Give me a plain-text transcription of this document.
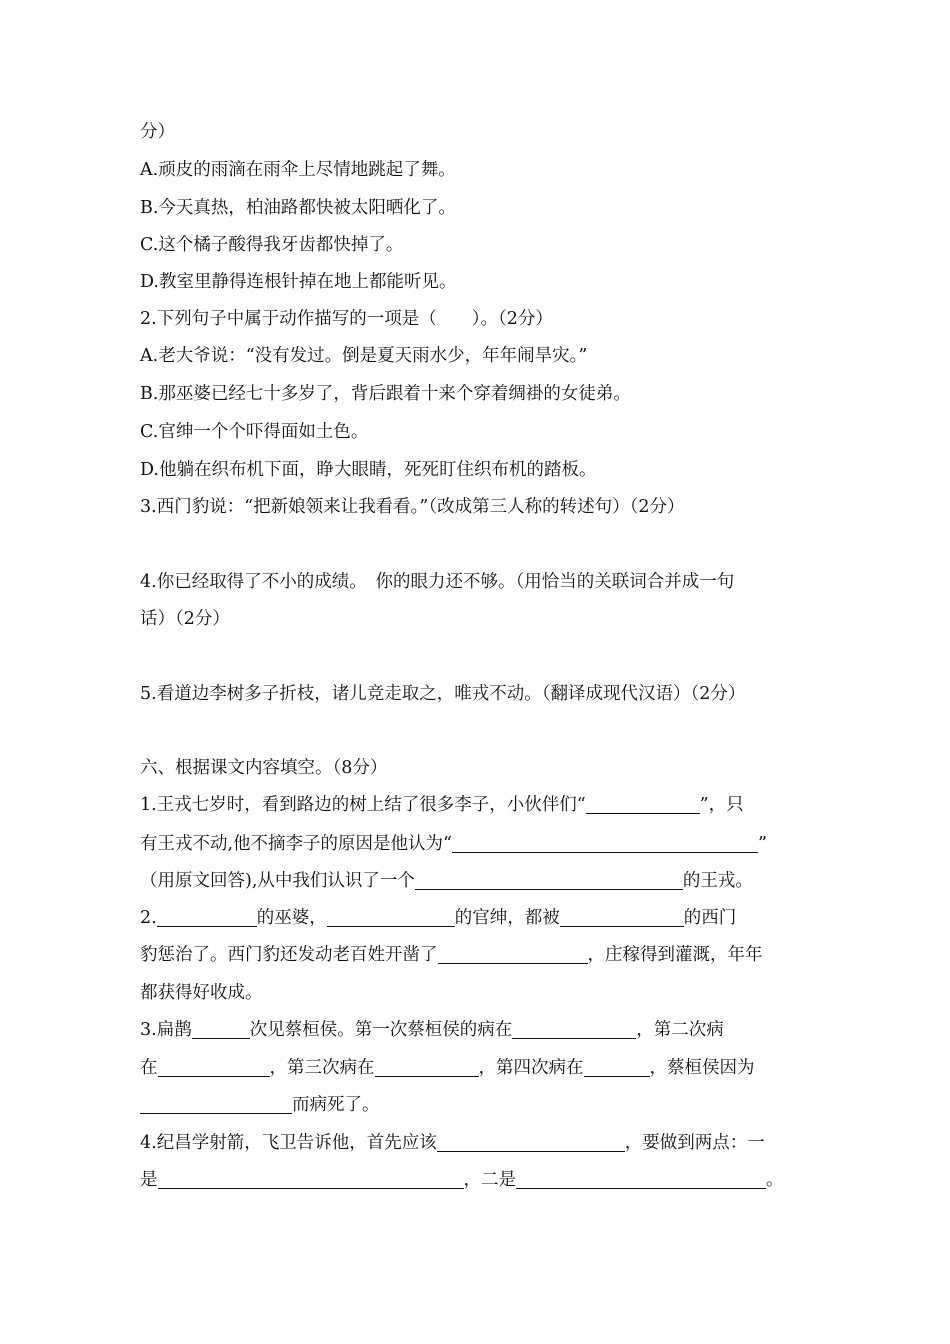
分）
A.顽皮的雨滴在雨伞上尽情地跳起了舞。
B.今天真热，柏油路都快被太阳晒化了。
C.这个橘子酸得我牙齿都快掉了。
D.教室里静得连根针掉在地上都能听见。
2.下列句子中属于动作描写的一项是（　　）。（2分）
A.老大爷说：“没有发过。倒是夏天雨水少，年年闹旱灾。”
B.那巫婆已经七十多岁了，背后跟着十来个穿着绸褂的女徒弟。
C.官绅一个个吓得面如土色。
D.他躺在织布机下面，睁大眼睛，死死盯住织布机的踏板。
3.西门豹说：“把新娘领来让我看看。”（改成第三人称的转述句）（2分）
4.你已经取得了不小的成绩。　你的眼力还不够。（用恰当的关联词合并成一句
话）（2分）
5.看道边李树多子折枝，诸儿竞走取之，唯戎不动。（翻译成现代汉语）（2分）
六、根据课文内容填空。（8分）
1.王戎七岁时，看到路边的树上结了很多李子，小伙伴们“	”，只
有王戎不动,他不摘李子的原因是他认为“	”
（用原文回答),从中我们认识了一个	的王戎。
2.	的巫婆，	的官绅，都被	的西门
豹惩治了。西门豹还发动老百姓开凿了	，庄稼得到灌溉，年年
都获得好收成。
3.扁鹊	次见蔡桓侯。第一次蔡桓侯的病在	，第二次病
在	，第三次病在	，第四次病在	，蔡桓侯因为
而病死了。
4.纪昌学射箭，飞卫告诉他，首先应该	，要做到两点：一
是	，二是	。
